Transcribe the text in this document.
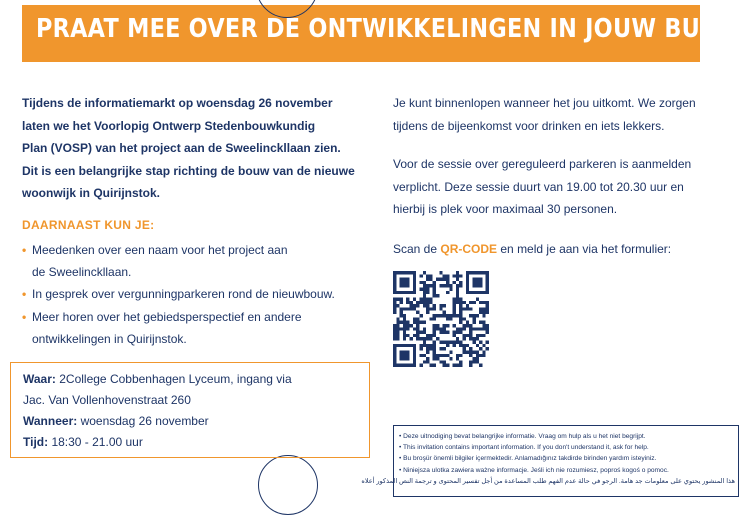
PRAAT MEE OVER DE ONTWIKKELINGEN IN JOUW BUURT

Tijdens de informatiemarkt op woensdag 26 november

laten we het Voorlopig Ontwerp Stedenbouwkundig

Plan (VOSP) van het project aan de Sweelinckllaan zien.

Dit is een belangrijke stap richting de bouw van de nieuwe

woonwijk in Quirijnstok.

DAARNAAST KUN JE:
• Meedenken over een naam voor het project aan
de Sweelinckllaan.
• In gesprek over vergunningparkeren rond de nieuwbouw.
• Meer horen over het gebiedsperspectief en andere
ontwikkelingen in Quirijnstok.
Waar: 2College Cobbenhagen Lyceum, ingang via
Jac. Van Vollenhovenstraat 260
Wanneer: woensdag 26 november
Tijd: 18:30 - 21.00 uur

Je kunt binnenlopen wanneer het jou uitkomt. We zorgen

tijdens de bijeenkomst voor drinken en iets lekkers.

Voor de sessie over gereguleerd parkeren is aanmelden

verplicht. Deze sessie duurt van 19.00 tot 20.30 uur en

hierbij is plek voor maximaal 30 personen.

Scan de QR-CODE en meld je aan via het formulier:

• Deze uitnodiging bevat belangrijke informatie. Vraag om hulp als u het niet begrijpt.
• This invitation contains important information. If you don't understand it, ask for help.
• Bu broşür önemli bilgiler içermektedir. Anlamadığınız takdirde birinden yardım isteyiniz.
• Niniejsza ulotka zawiera ważne informacje. Jeśli ich nie rozumiesz, poproś kogoś o pomoc.
هذا المنشور يحتوي على معلومات جد هامة. الرجو في حالة عدم الفهم طلب المساعدة من أجل تفسير المحتوى و ترجمة النص المذكور أعلاه
